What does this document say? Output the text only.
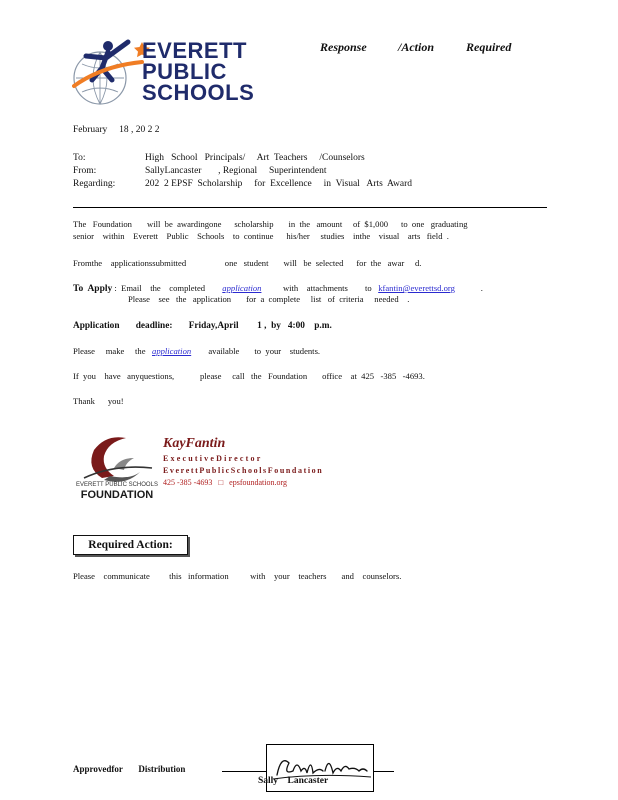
EVERETT
PUBLIC
SCHOOLS
Response	/Action	Required
February     18 , 20 2 2
To:	High   School   Principals/     Art  Teachers     /Counselors
From:	SallyLancaster       , Regional     Superintendent
Regarding:	202  2 EPSF  Scholarship     for  Excellence     in  Visual   Arts  Award
The   Foundation       will  be  awardingone      scholarship       in  the   amount     of  $1,000      to  one   graduating
senior    within    Everett    Public    Schools    to  continue      his/her     studies    inthe    visual    arts   field  .
Fromthe    applicationssubmitted                  one   student       will   be  selected      for  the   awar     d.
To  Apply :  Email    the    completed application with    attachments        to kfantin@everettsd.org	.
Please    see   the   application       for  a  complete     list   of  criteria     needed    .
Application       deadline:       Friday,April        1 ,  by   4:00    p.m.
Please     make     the application available       to  your    students.
If  you    have   anyquestions,            please     call   the   Foundation       office    at  425   -385   -4693.
Thank      you!
EVERETT PUBLIC SCHOOLS
FOUNDATION
KayFantin
ExecutiveDirector
EverettPublicSchoolsFoundation
425 -385 -4693 □ epsfoundation.org
Required Action:
Please    communicate         this   information          with    your    teachers       and    counselors.
Approvedfor       Distribution
Sally    Lancaster
